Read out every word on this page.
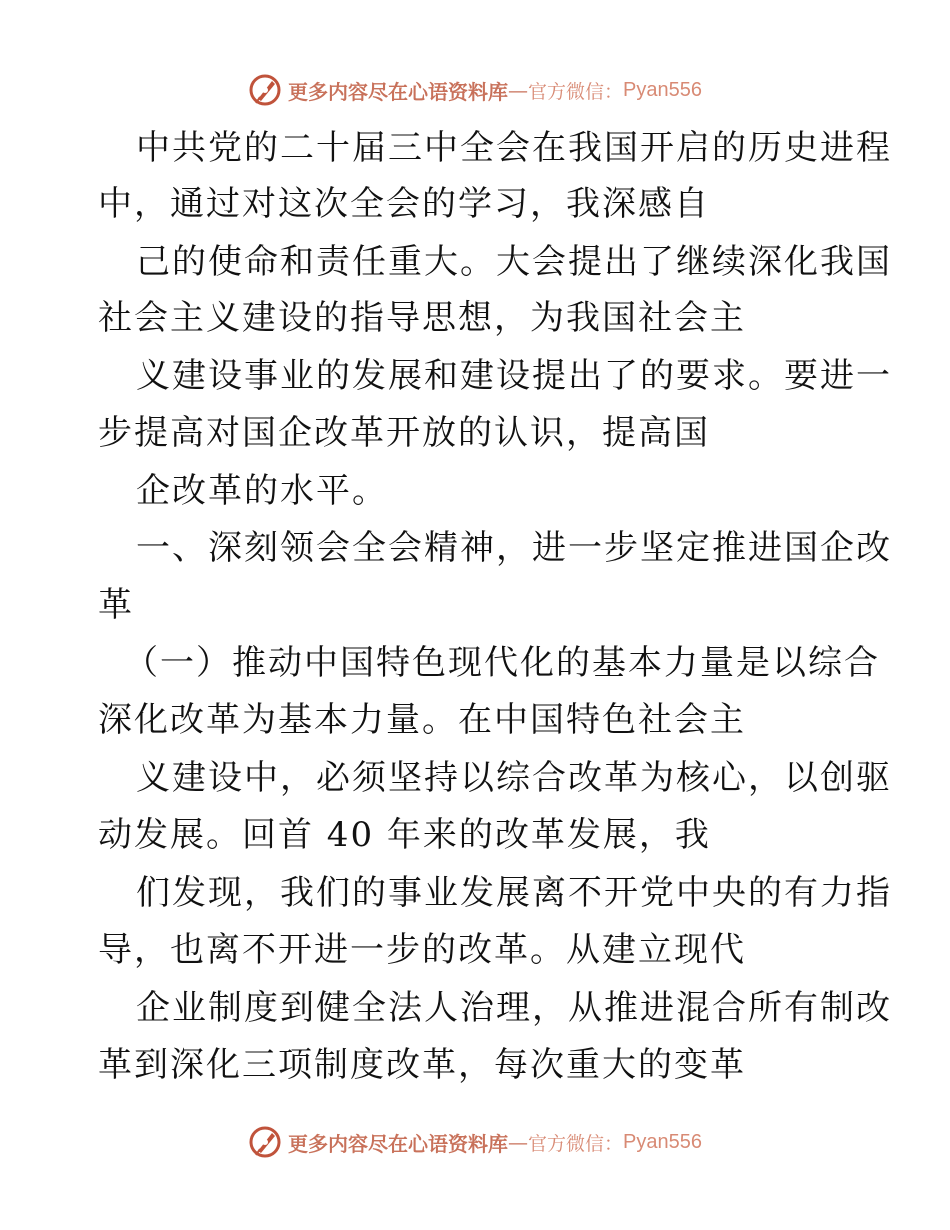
更多内容尽在心语资料库 — 官方微信： Pyan556
中共党的二十届三中全会在我国开启的历史进程
中，通过对这次全会的学习，我深感自
己的使命和责任重大。大会提出了继续深化我国
社会主义建设的指导思想，为我国社会主
义建设事业的发展和建设提出了的要求。要进一
步提高对国企改革开放的认识，提高国
企改革的水平。
一、深刻领会全会精神，进一步坚定推进国企改
革
（一）推动中国特色现代化的基本力量是以综合
深化改革为基本力量。在中国特色社会主
义建设中，必须坚持以综合改革为核心，以创驱
动发展。回首 40 年来的改革发展，我
们发现，我们的事业发展离不开党中央的有力指
导，也离不开进一步的改革。从建立现代
企业制度到健全法人治理，从推进混合所有制改
革到深化三项制度改革，每次重大的变革
更多内容尽在心语资料库 — 官方微信： Pyan556
